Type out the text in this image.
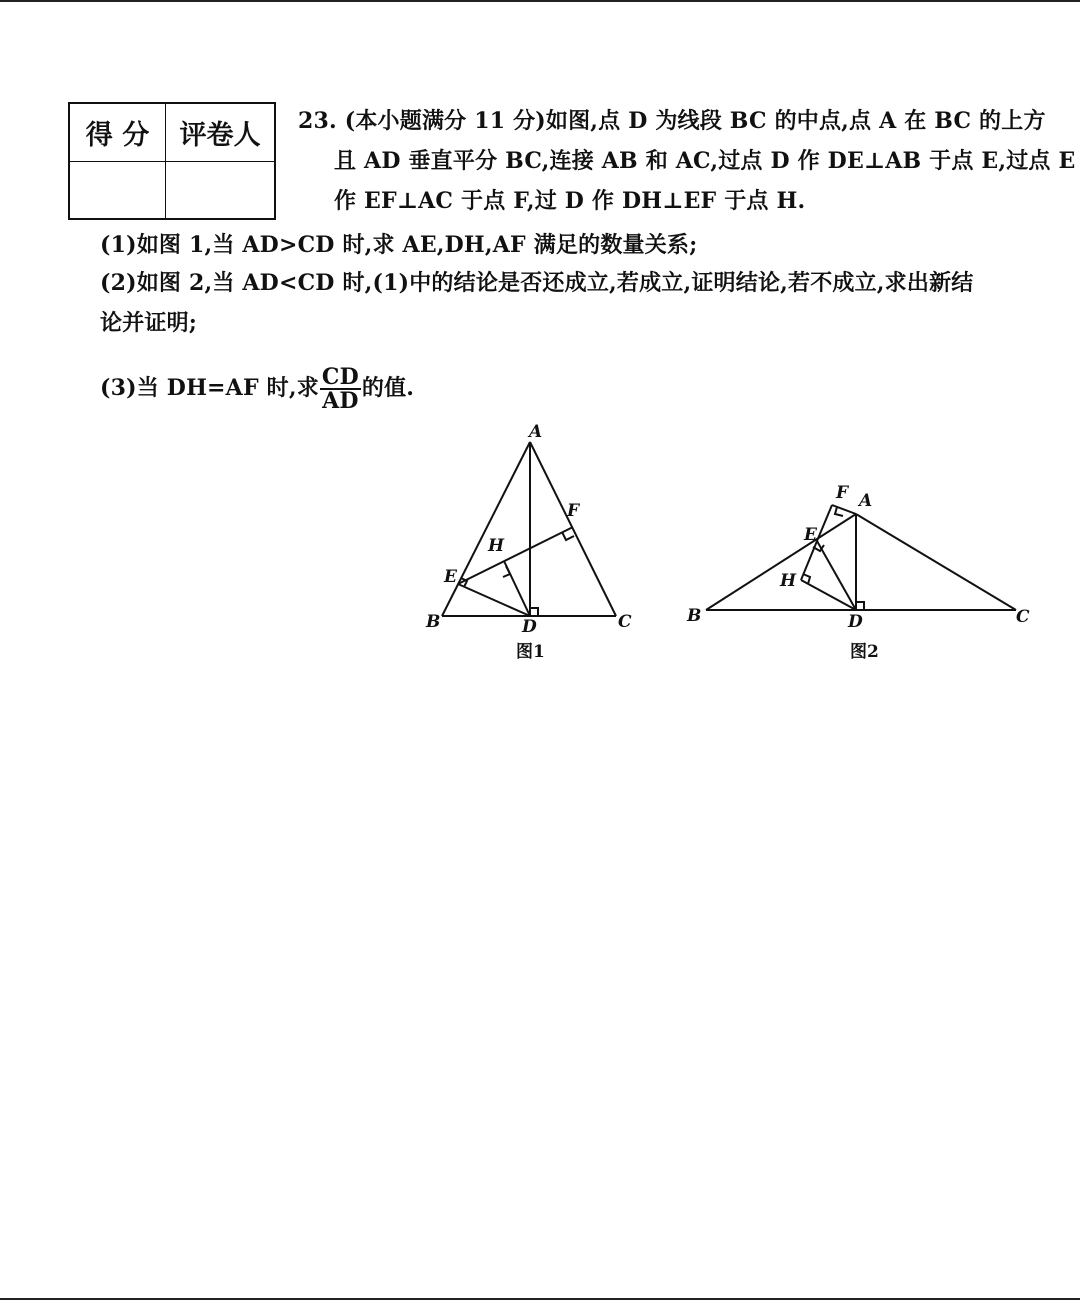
得 分	评卷人
	23. (本小题满分 11 分)如图,点 D 为线段 BC 的中点,点 A 在 BC 的上方
且 AD 垂直平分 BC,连接 AB 和 AC,过点 D 作 DE⊥AB 于点 E,过点 E
作 EF⊥AC 于点 F,过 D 作 DH⊥EF 于点 H.
(1)如图 1,当 AD>CD 时,求 AE,DH,AF 满足的数量关系;
(2)如图 2,当 AD<CD 时,(1)中的结论是否还成立,若成立,证明结论,若不成立,求出新结
论并证明;
(3)当 DH=AF 时,求 $\frac{CD}{AD}$ 的值.
A
B	C
D
E
F
H
图1
A
B	C
D
E
F
H
图2
